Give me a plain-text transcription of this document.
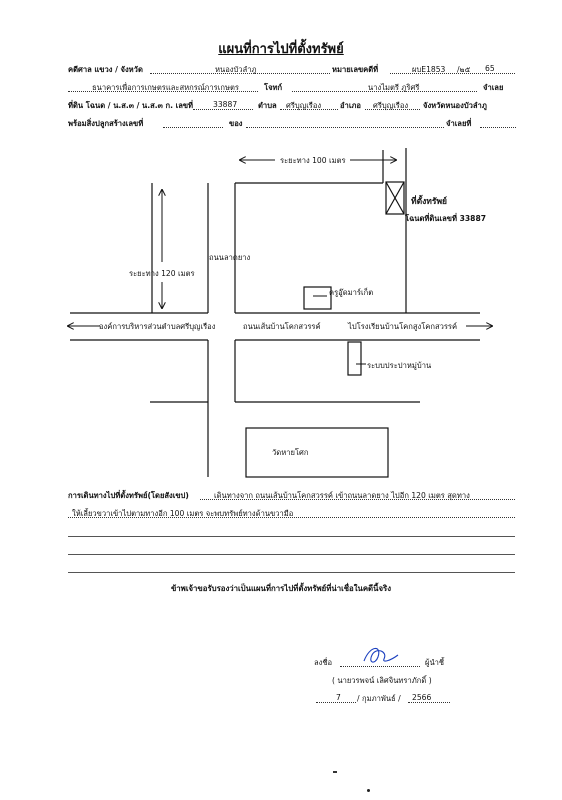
แผนที่การไปที่ตั้งทรัพย์
คดีศาล แขวง / จังหวัด	หนองบัวลำภู	หมายเลขคดีที่	ผบE1853 /๒๕ 65
ธนาคารเพื่อการเกษตรและสหกรณ์การเกษตร	โจทก์	นางไมตรี ภูริศรี	จำเลย
ที่ดิน โฉนด / น.ส.๓ / น.ส.๓ ก. เลขที่	33887	ตำบล ศรีบุญเรือง อำเภอ ศรีบุญเรือง จังหวัดหนองบัวลำภู
พร้อมสิ่งปลูกสร้างเลขที่	ของ	จำเลยที่
ระยะทาง 100 เมตร
ที่ตั้งทรัพย์
โฉนดที่ดินเลขที่ 33887
ถนนลาดยาง
ระยะทาง 120 เมตร
ครูอู๊ดมาร์เก็ต
องค์การบริหารส่วนตำบลศรีบุญเรือง	ถนนเส้นบ้านโคกสวรรค์	ไปโรงเรียนบ้านโคกสูงโคกสวรรค์
ระบบประปาหมู่บ้าน
วัดหายโศก
การเดินทางไปที่ตั้งทรัพย์(โดยสังเขป)	เดินทางจาก ถนนเส้นบ้านโคกสวรรค์ เข้าถนนลาดยาง ไปอีก 120 เมตร สุดทาง
ให้เลี้ยวขวาเข้าไปตามทางอีก 100 เมตร จะพบทรัพย์ทางด้านขวามือ
ข้าพเจ้าขอรับรองว่าเป็นแผนที่การไปที่ตั้งทรัพย์ที่น่าเชื่อในคดีนี้จริง
ลงชื่อ	ผู้นำชี้
( นายวรพจน์ เลิศจินทราภักดิ์ )
7 / กุมภาพันธ์ / 2566
